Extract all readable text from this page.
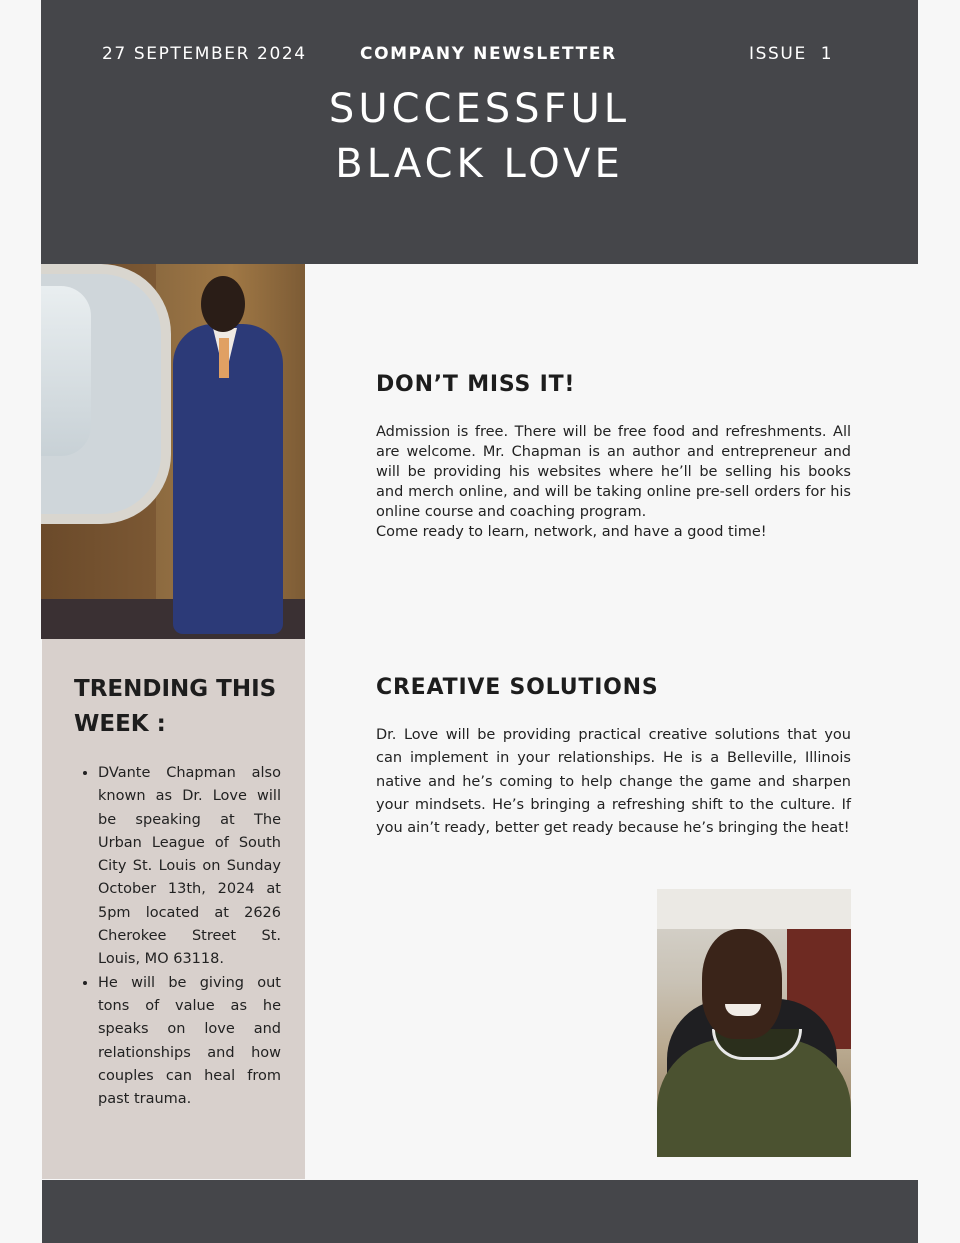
27 SEPTEMBER 2024	COMPANY NEWSLETTER	ISSUE  1
SUCCESSFUL
BLACK LOVE
TRENDING THIS WEEK :
• DVante Chapman also known as Dr. Love will be speaking at The Urban League of South City St. Louis on Sunday October 13th, 2024 at 5pm located at 2626 Cherokee Street St. Louis, MO 63118.
• He will be giving out tons of value as he speaks on love and relationships and how couples can heal from past trauma.
DON’T MISS IT!

Admission is free. There will be free food and refreshments. All are welcome. Mr. Chapman is an author and entrepreneur and will be providing his websites where he’ll be selling his books and merch online, and will be taking online pre-sell orders for his online course and coaching program.
Come ready to learn, network, and have a good time!

CREATIVE SOLUTIONS

Dr. Love will be providing practical creative solutions that you can implement in your relationships. He is a Belleville, Illinois native and he’s coming to help change the game and sharpen your mindsets. He’s bringing a refreshing shift to the culture. If you ain’t ready, better get ready because he’s bringing the heat!
